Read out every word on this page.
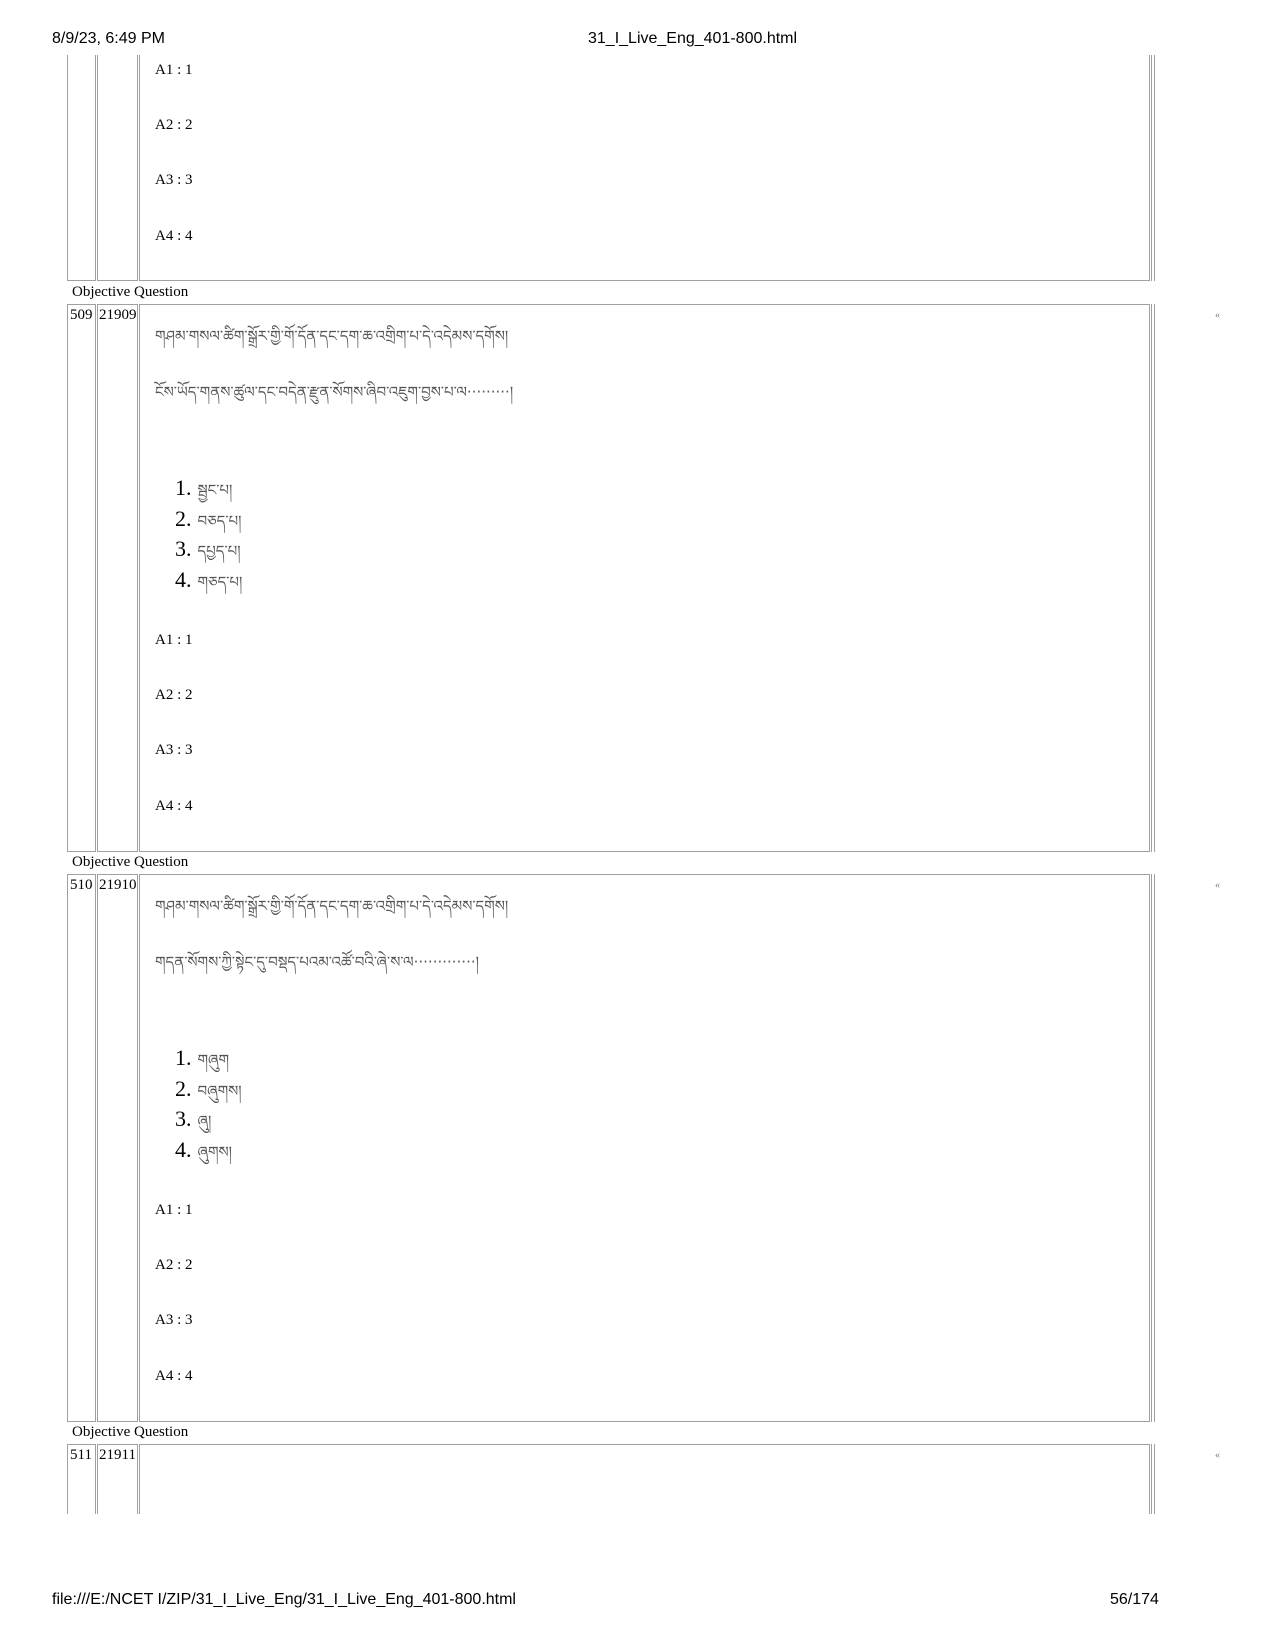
8/9/23, 6:49 PM	31_I_Live_Eng_401-800.html
A1 : 1
A2 : 2
A3 : 3
A4 : 4
Objective Question
509 21909	«
གཤམ་གསལ་ཚིག་སྒྲོར་གྱི་གོ་དོན་དང་དག་ཆ་འགྲིག་པ་དེ་འདེམས་དགོས།
ངོས་ཡོད་གནས་ཚུལ་དང་བདེན་རྫུན་སོགས་ཞིབ་འཇུག་བྱས་པ་ལ·········།
1. སྦྱང་པ།
2. བཅད་པ།
3. དཔྱད་པ།
4. གཅད་པ།
A1 : 1
A2 : 2
A3 : 3
A4 : 4
Objective Question
510 21910	«
གཤམ་གསལ་ཚིག་སྒྲོར་གྱི་གོ་དོན་དང་དག་ཆ་འགྲིག་པ་དེ་འདེམས་དགོས།
གདན་སོགས་ཀྱི་སྟེང་དུ་བསྡད་པའམ་འཚོ་བའི་ཞེ་ས་ལ·············།
1. གཞུག
2. བཞུགས།
3. ཞུ།
4. ཞུགས།
A1 : 1
A2 : 2
A3 : 3
A4 : 4
Objective Question
511 21911	«
file:///E:/NCET I/ZIP/31_I_Live_Eng/31_I_Live_Eng_401-800.html	56/174
